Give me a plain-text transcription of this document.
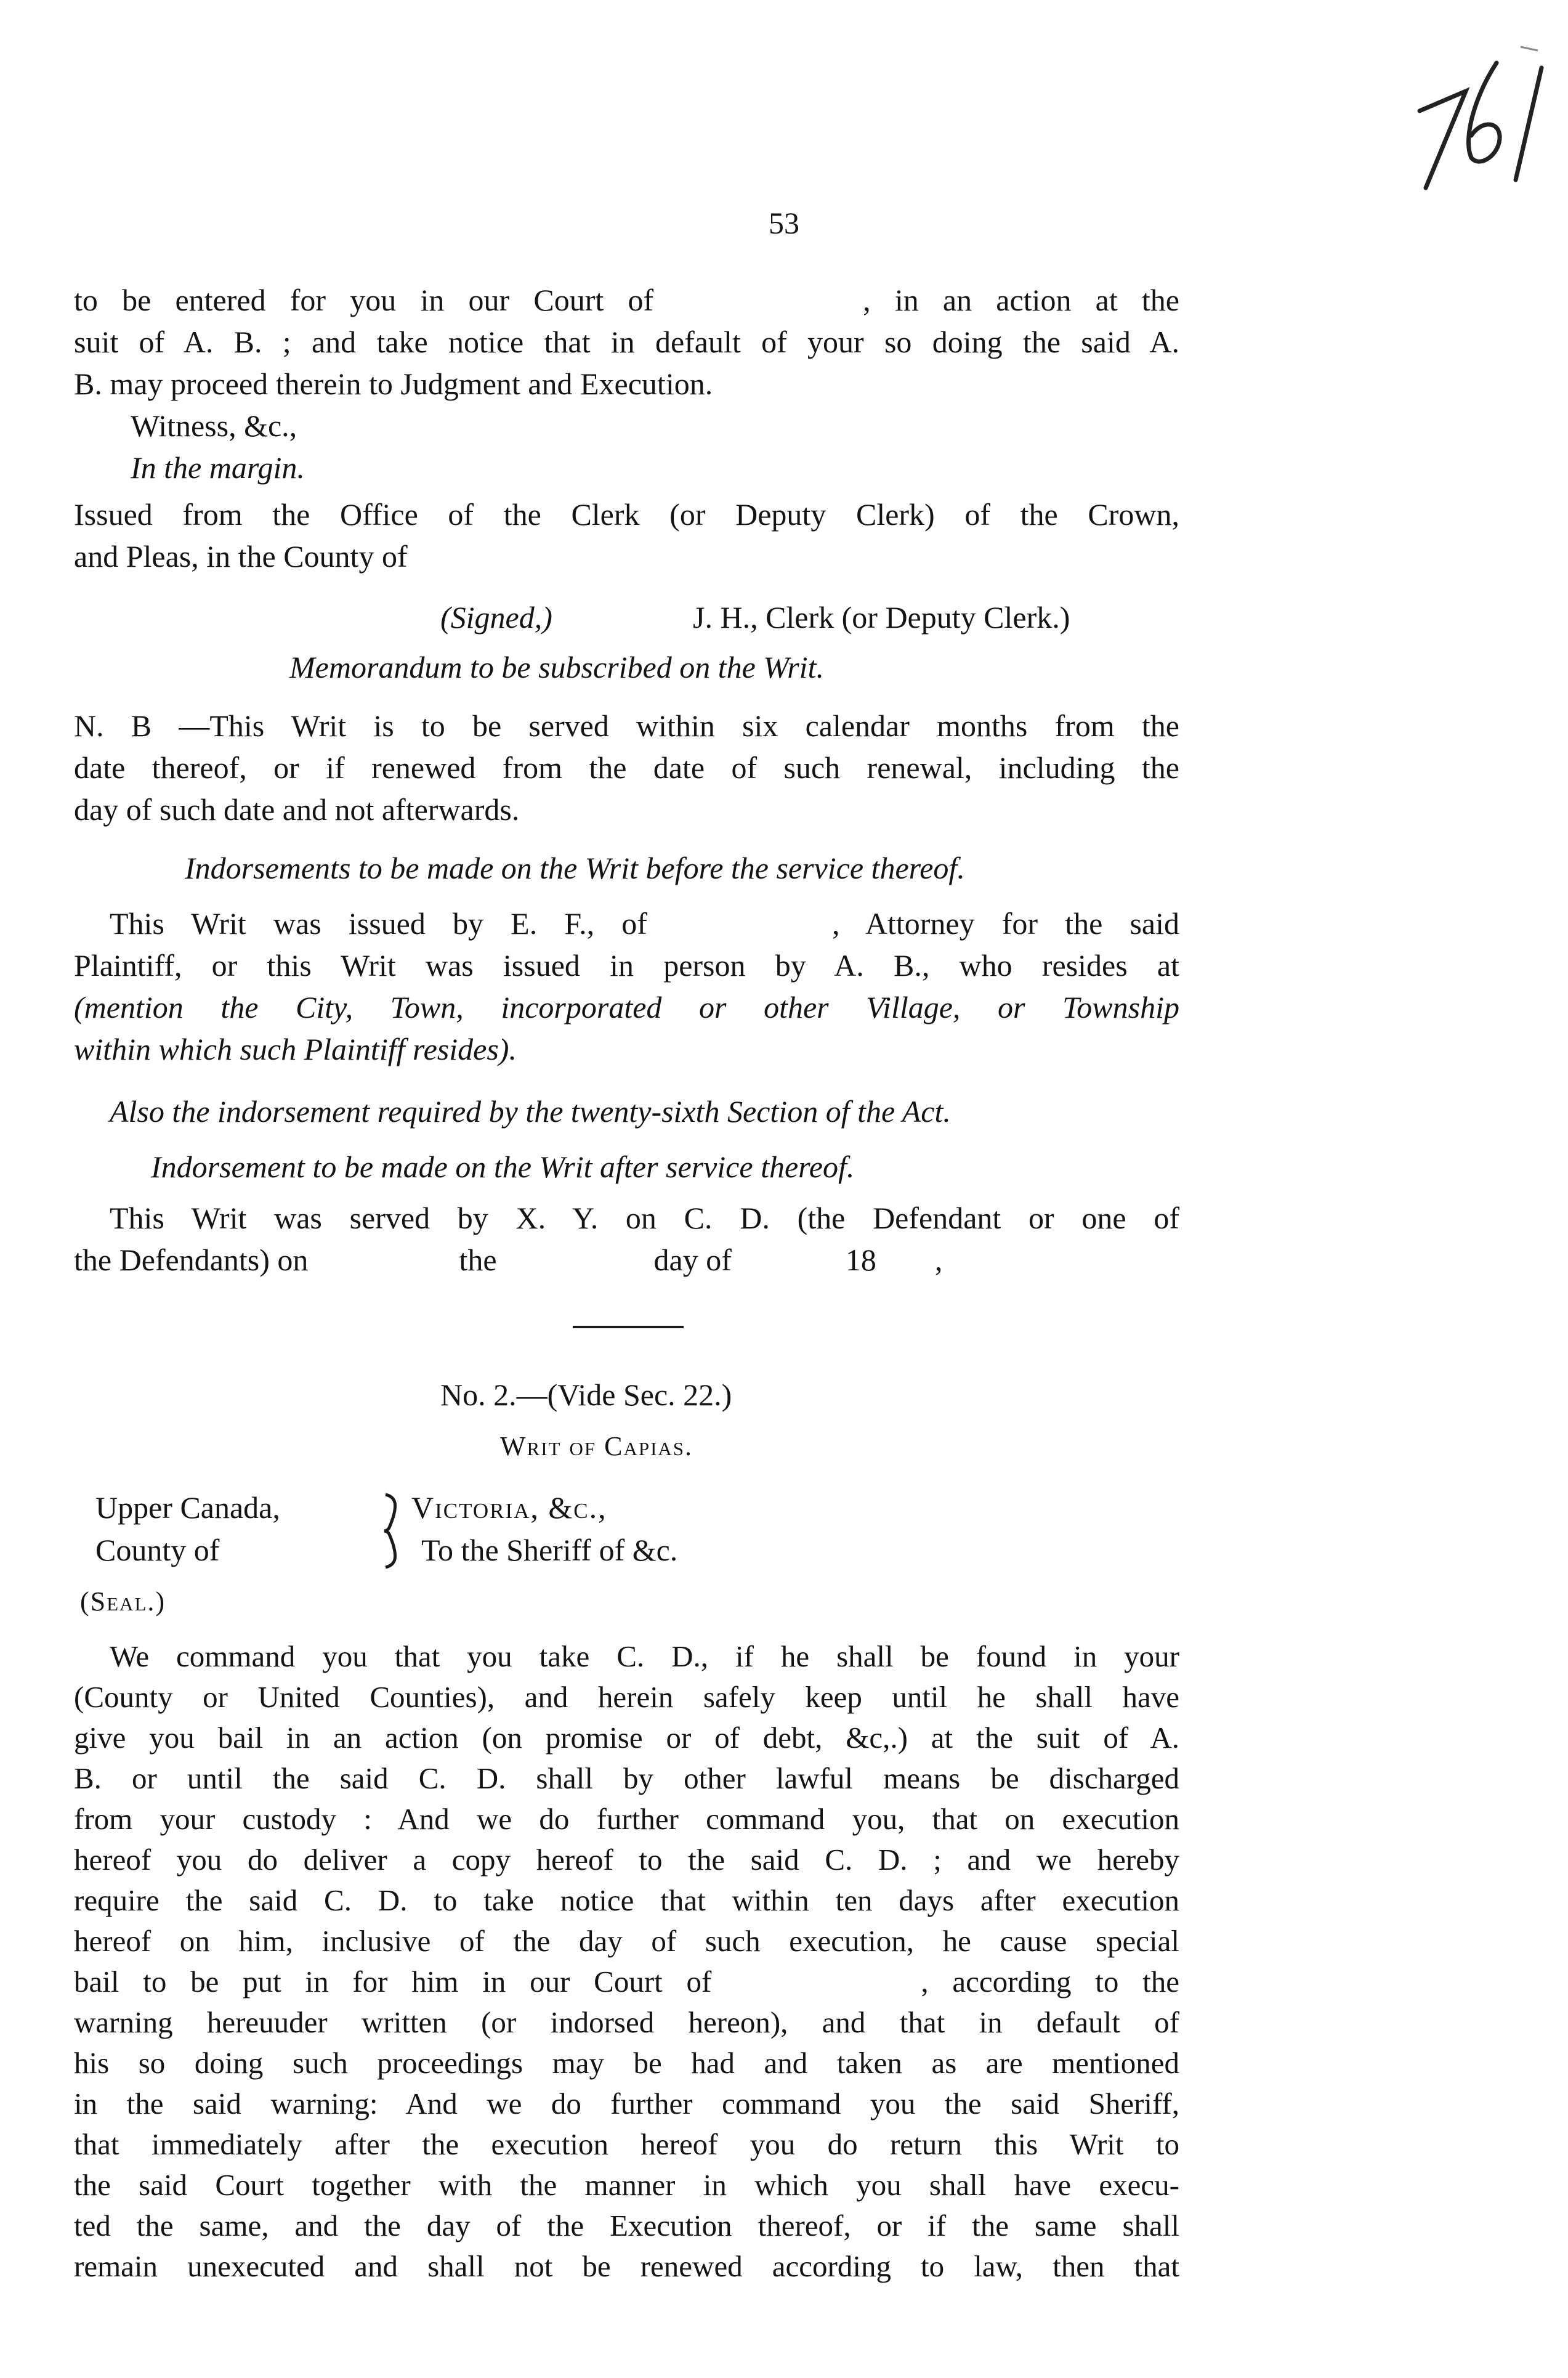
53
to be entered for you in our Court of	, in an action at the
suit of A. B. ; and take notice that in default of your so doing the said A.
B. may proceed therein to Judgment and Execution.
Witness, &c.,
In the margin.
Issued from the Office of the Clerk (or Deputy Clerk) of the Crown,
and Pleas, in the County of
(Signed,)	J. H., Clerk (or Deputy Clerk.)
Memorandum to be subscribed on the Writ.
N. B —This Writ is to be served within six calendar months from the
date thereof, or if renewed from the date of such renewal, including the
day of such date and not afterwards.
Indorsements to be made on the Writ before the service thereof.
This Writ was issued by E. F., of	, Attorney for the said
Plaintiff, or this Writ was issued in person by A. B., who resides at
(mention the City, Town, incorporated or other Village, or Township
within which such Plaintiff resides).
Also the indorsement required by the twenty-sixth Section of the Act.
Indorsement to be made on the Writ after service thereof.
This Writ was served by X. Y. on C. D. (the Defendant or one of
the Defendants) on	the	day of	18 ,
No. 2.—(Vide Sec. 22.)
Writ of Capias.
Upper Canada,
County of
Victoria, &c.,
To the Sheriff of &c.
(Seal.)
We command you that you take C. D., if he shall be found in your
(County or United Counties), and herein safely keep until he shall have
give you bail in an action (on promise or of debt, &c,.) at the suit of A.
B. or until the said C. D. shall by other lawful means be discharged
from your custody : And we do further command you, that on execution
hereof you do deliver a copy hereof to the said C. D. ; and we hereby
require the said C. D. to take notice that within ten days after execution
hereof on him, inclusive of the day of such execution, he cause special
bail to be put in for him in our Court of	, according to the
warning hereuuder written (or indorsed hereon), and that in default of
his so doing such proceedings may be had and taken as are mentioned
in the said warning: And we do further command you the said Sheriff,
that immediately after the execution hereof you do return this Writ to
the said Court together with the manner in which you shall have execu-
ted the same, and the day of the Execution thereof, or if the same shall
remain unexecuted and shall not be renewed according to law, then that
